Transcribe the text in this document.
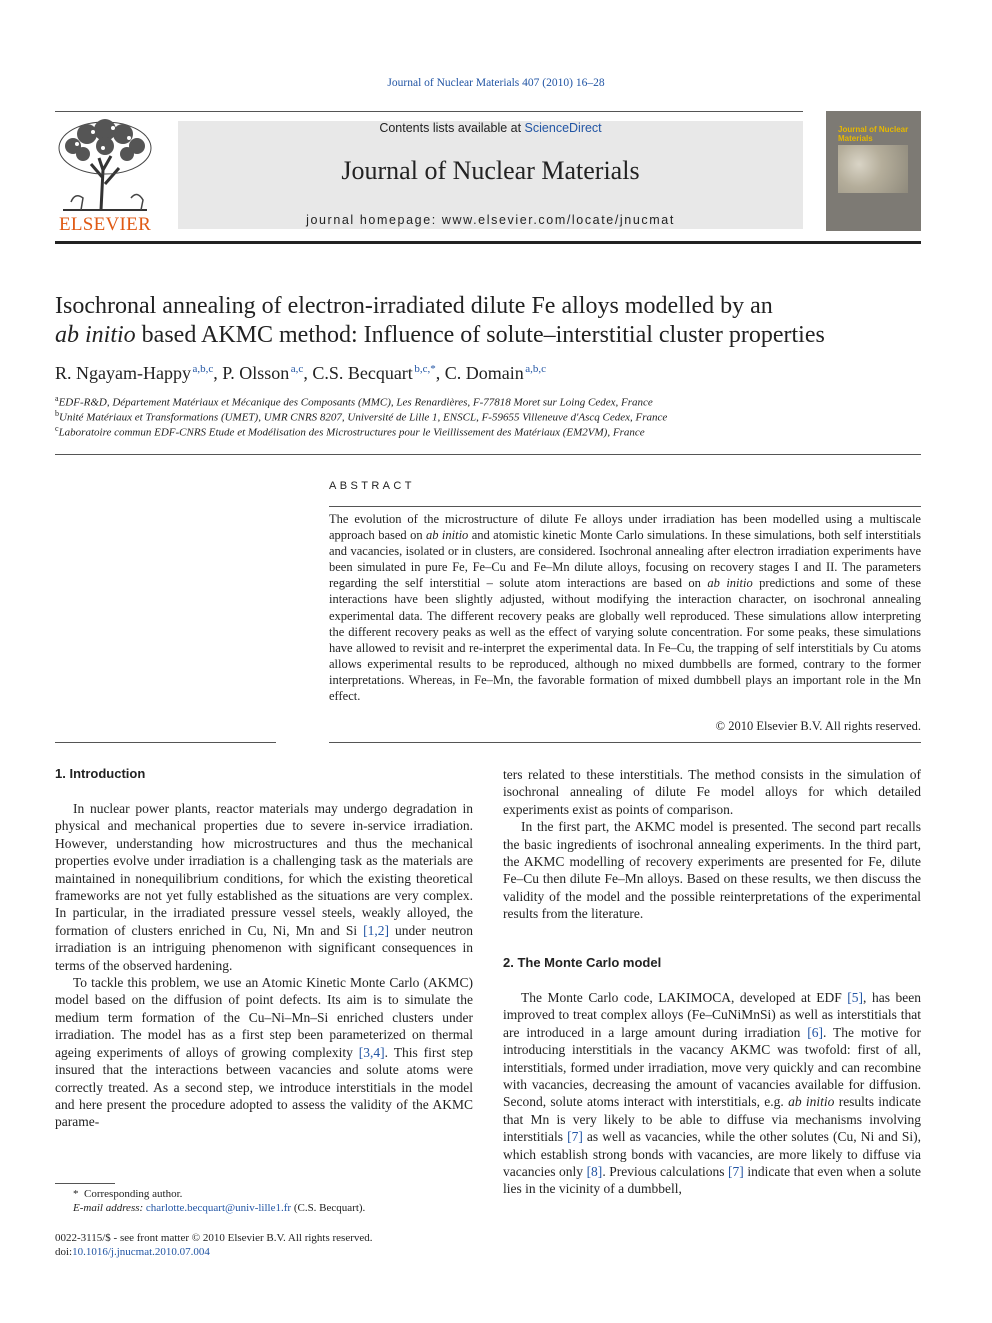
Journal of Nuclear Materials 407 (2010) 16–28
ELSEVIER
Contents lists available at ScienceDirect
Journal of Nuclear Materials
journal homepage: www.elsevier.com/locate/jnucmat
Journal of Nuclear Materials
Isochronal annealing of electron-irradiated dilute Fe alloys modelled by an
ab initio based AKMC method: Influence of solute–interstitial cluster properties
R. Ngayam-Happy  $^{a,b,c}$, P. Olsson  $^{a,c}$, C.S. Becquart  $^{b,c,*}$, C. Domain  $^{a,b,c}$
$^a$EDF-R&D, Département Matériaux et Mécanique des Composants (MMC), Les Renardières, F-77818 Moret sur Loing Cedex, France
$^b$Unité Matériaux et Transformations (UMET), UMR CNRS 8207, Université de Lille 1, ENSCL, F-59655 Villeneuve d'Ascq Cedex, France
$^c$Laboratoire commun EDF-CNRS Etude et Modélisation des Microstructures pour le Vieillissement des Matériaux (EM2VM), France
ABSTRACT
The evolution of the microstructure of dilute Fe alloys under irradiation has been modelled using a multiscale approach based on ab initio and atomistic kinetic Monte Carlo simulations. In these simulations, both self interstitials and vacancies, isolated or in clusters, are considered. Isochronal annealing after electron irradiation experiments have been simulated in pure Fe, Fe–Cu and Fe–Mn dilute alloys, focusing on recovery stages I and II. The parameters regarding the self interstitial – solute atom interactions are based on ab initio predictions and some of these interactions have been slightly adjusted, without modifying the interaction character, on isochronal annealing experimental data. The different recovery peaks are globally well reproduced. These simulations allow interpreting the different recovery peaks as well as the effect of varying solute concentration. For some peaks, these simulations have allowed to revisit and re-interpret the experimental data. In Fe–Cu, the trapping of self interstitials by Cu atoms allows experimental results to be reproduced, although no mixed dumbbells are formed, contrary to the former interpretations. Whereas, in Fe–Mn, the favorable formation of mixed dumbbell plays an important role in the Mn effect.
© 2010 Elsevier B.V. All rights reserved.
1. Introduction

In nuclear power plants, reactor materials may undergo degradation in physical and mechanical properties due to severe in-service irradiation. However, understanding how microstructures and thus the mechanical properties evolve under irradiation is a challenging task as the materials are maintained in nonequilibrium conditions, for which the existing theoretical frameworks are not yet fully established as the situations are very complex. In particular, in the irradiated pressure vessel steels, weakly alloyed, the formation of clusters enriched in Cu, Ni, Mn and Si [1,2] under neutron irradiation is an intriguing phenomenon with significant consequences in terms of the observed hardening.

To tackle this problem, we use an Atomic Kinetic Monte Carlo (AKMC) model based on the diffusion of point defects. Its aim is to simulate the medium term formation of the Cu–Ni–Mn–Si enriched clusters under irradiation. The model has as a first step been parameterized on thermal ageing experiments of alloys of growing complexity [3,4]. This first step insured that the interactions between vacancies and solute atoms were correctly treated. As a second step, we introduce interstitials in the model and here present the procedure adopted to assess the validity of the AKMC parame-

ters related to these interstitials. The method consists in the simulation of isochronal annealing of dilute Fe model alloys for which detailed experiments exist as points of comparison.

In the first part, the AKMC model is presented. The second part recalls the basic ingredients of isochronal annealing experiments. In the third part, the AKMC modelling of recovery experiments are presented for Fe, dilute Fe–Cu then dilute Fe–Mn alloys. Based on these results, we then discuss the validity of the model and the possible reinterpretations of the experimental results from the literature.

2. The Monte Carlo model

The Monte Carlo code, LAKIMOCA, developed at EDF [5], has been improved to treat complex alloys (Fe–CuNiMnSi) as well as interstitials that are introduced in a large amount during irradiation [6]. The motive for introducing interstitials in the vacancy AKMC was twofold: first of all, interstitials, formed under irradiation, move very quickly and can recombine with vacancies, decreasing the amount of vacancies available for diffusion. Second, solute atoms interact with interstitials, e.g. ab initio results indicate that Mn is very likely to be able to diffuse via mechanisms involving interstitials [7] as well as vacancies, while the other solutes (Cu, Ni and Si), which establish strong bonds with vacancies, are more likely to diffuse via vacancies only [8]. Previous calculations [7] indicate that even when a solute lies in the vicinity of a dumbbell,

* Corresponding author.
E-mail address: charlotte.becquart@univ-lille1.fr (C.S. Becquart).
0022-3115/$ - see front matter © 2010 Elsevier B.V. All rights reserved.
doi:10.1016/j.jnucmat.2010.07.004
